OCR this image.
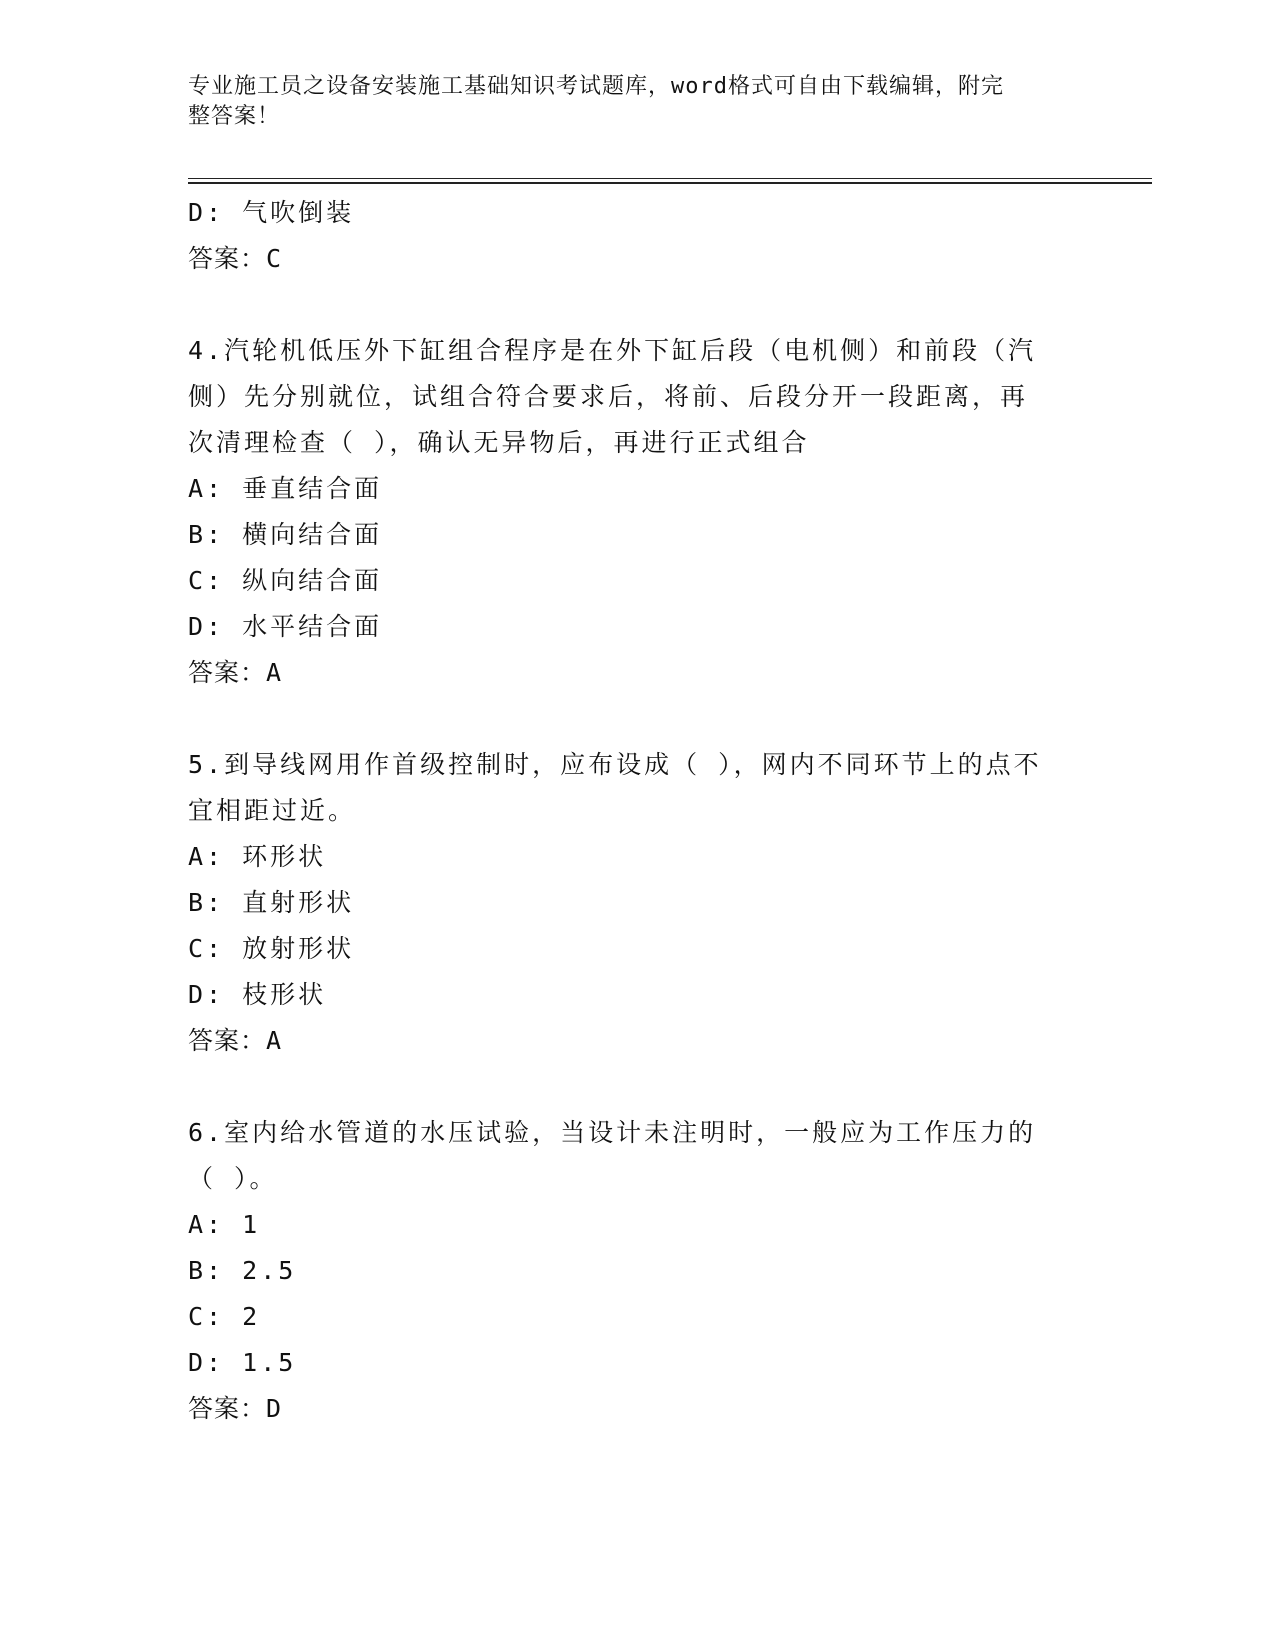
专业施工员之设备安装施工基础知识考试题库，word格式可自由下载编辑，附完
整答案！
D: 气吹倒装
答案：C
4.汽轮机低压外下缸组合程序是在外下缸后段（电机侧）和前段（汽
侧）先分别就位，试组合符合要求后，将前、后段分开一段距离，再
次清理检查（ ），确认无异物后，再进行正式组合
A: 垂直结合面
B: 横向结合面
C: 纵向结合面
D: 水平结合面
答案：A
5.到导线网用作首级控制时，应布设成（ ），网内不同环节上的点不
宜相距过近。
A: 环形状
B: 直射形状
C: 放射形状
D: 枝形状
答案：A
6.室内给水管道的水压试验，当设计未注明时，一般应为工作压力的
（ ）。
A: 1
B: 2.5
C: 2
D: 1.5
答案：D
